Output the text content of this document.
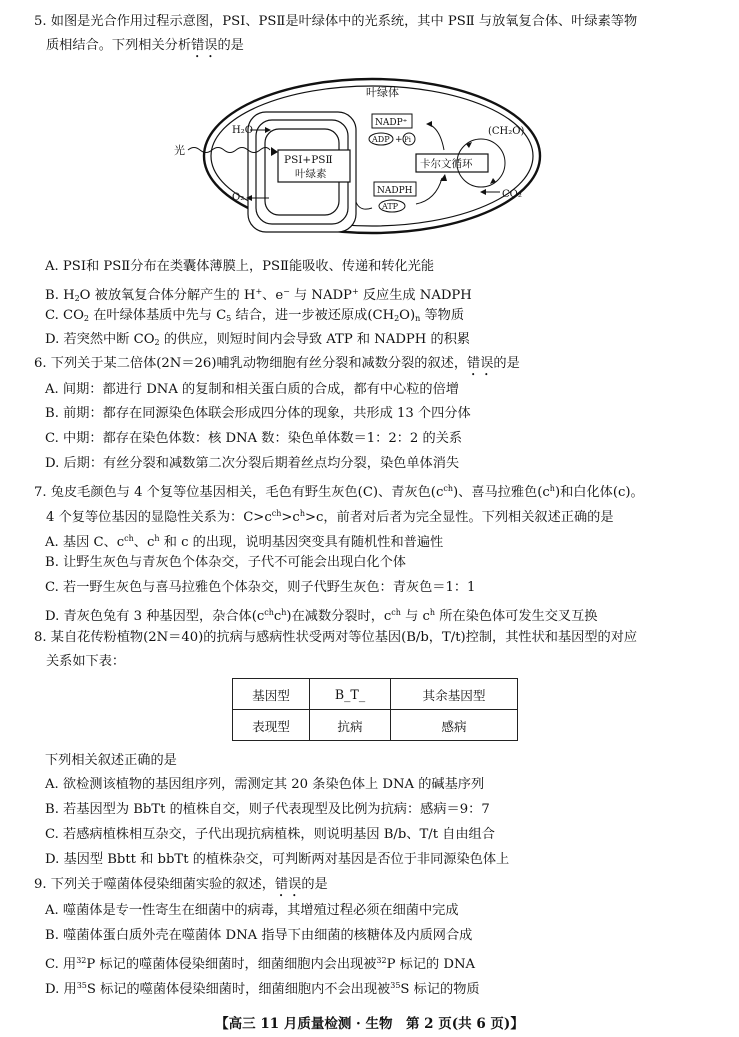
5. 如图是光合作用过程示意图，PSⅠ、PSⅡ是叶绿体中的光系统，其中 PSⅡ 与放氧复合体、叶绿素等物
质相结合。下列相关分析错误的是
叶绿体
PSⅠ+PSⅡ
叶绿素
H₂O
光
O₂
NADP⁺
ADP + Pi
卡尔文循环
NADPH
ATP
(CH₂O)
CO₂
A. PSⅠ和 PSⅡ分布在类囊体薄膜上，PSⅡ能吸收、传递和转化光能
B. $H_2O$ 被放氧复合体分解产生的 H+、e− 与 NADP+ 反应生成 NADPH
C. $CO_2$ 在叶绿体基质中先与 $C_5$ 结合，进一步被还原成$(CH_2O)_n$ 等物质
D. 若突然中断 $CO_2$ 的供应，则短时间内会导致 ATP 和 NADPH 的积累
6. 下列关于某二倍体(2N＝26)哺乳动物细胞有丝分裂和减数分裂的叙述，错误的是
A. 间期：都进行 DNA 的复制和相关蛋白质的合成，都有中心粒的倍增
B. 前期：都存在同源染色体联会形成四分体的现象，共形成 13 个四分体
C. 中期：都存在染色体数：核 DNA 数：染色单体数＝1：2：2 的关系
D. 后期：有丝分裂和减数第二次分裂后期着丝点均分裂，染色单体消失
7. 兔皮毛颜色与 4 个复等位基因相关，毛色有野生灰色(C)、青灰色$(c^{ch})$、喜马拉雅色$(c^h)$和白化体(c)。
4 个复等位基因的显隐性关系为：$C>c^{ch}>c^h>c$，前者对后者为完全显性。下列相关叙述正确的是
A. 基因 C、$c^{ch}$、$c^h$ 和 c 的出现，说明基因突变具有随机性和普遍性
B. 让野生灰色与青灰色个体杂交，子代不可能会出现白化个体
C. 若一野生灰色与喜马拉雅色个体杂交，则子代野生灰色：青灰色＝1：1
D. 青灰色兔有 3 种基因型，杂合体$(c^{ch}c^h)$在减数分裂时，$c^{ch}$ 与 $c^h$ 所在染色体可发生交叉互换
8. 某自花传粉植物(2N＝40)的抗病与感病性状受两对等位基因(B/b，T/t)控制，其性状和基因型的对应
关系如下表：
基因型	B_T_	其余基因型
表现型	抗病	感病
下列相关叙述正确的是
A. 欲检测该植物的基因组序列，需测定其 20 条染色体上 DNA 的碱基序列
B. 若基因型为 BbTt 的植株自交，则子代表现型及比例为抗病：感病＝9：7
C. 若感病植株相互杂交，子代出现抗病植株，则说明基因 B/b、T/t 自由组合
D. 基因型 Bbtt 和 bbTt 的植株杂交，可判断两对基因是否位于非同源染色体上
9. 下列关于噬菌体侵染细菌实验的叙述，错误的是
A. 噬菌体是专一性寄生在细菌中的病毒，其增殖过程必须在细菌中完成
B. 噬菌体蛋白质外壳在噬菌体 DNA 指导下由细菌的核糖体及内质网合成
C. 用$^{32}$P 标记的噬菌体侵染细菌时，细菌细胞内会出现被$^{32}$P 标记的 DNA
D. 用$^{35}$S 标记的噬菌体侵染细菌时，细菌细胞内不会出现被$^{35}$S 标记的物质
【高三 11 月质量检测 · 生物　第 2 页(共 6 页)】
